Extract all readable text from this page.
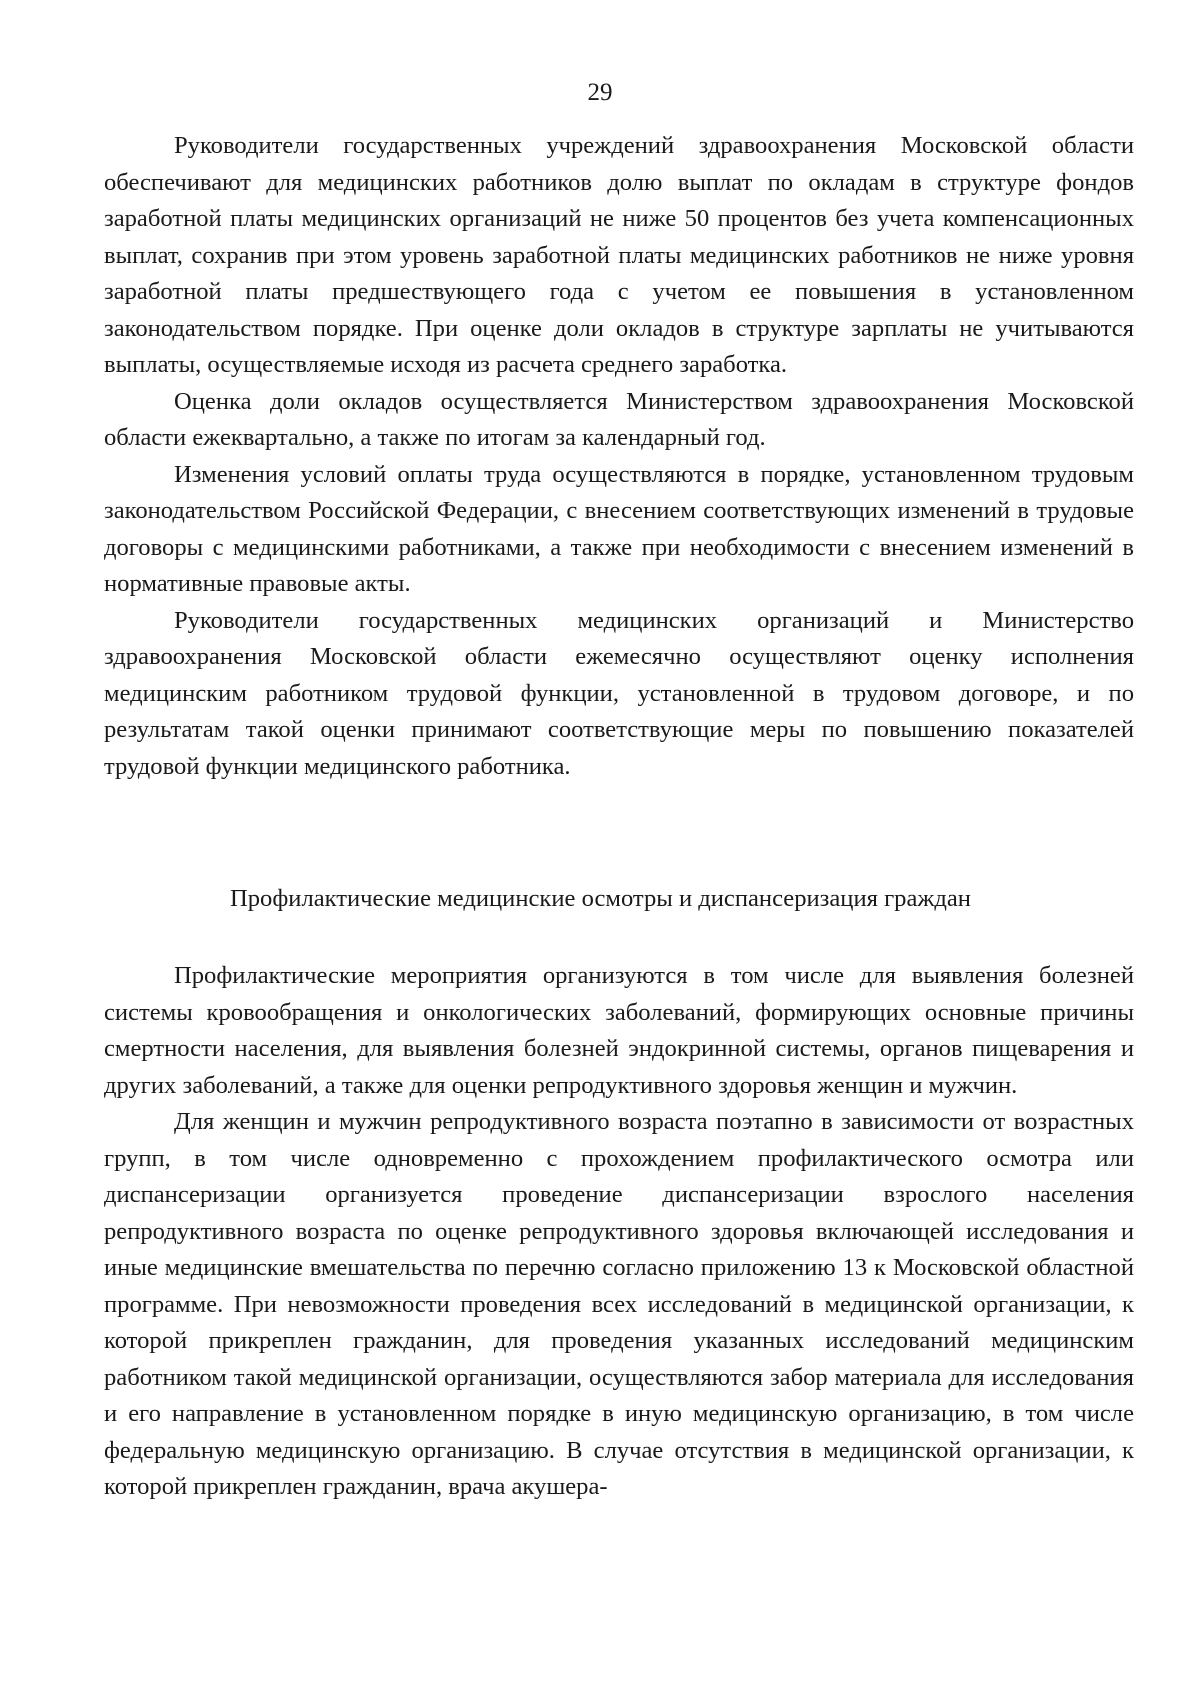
29

Руководители государственных учреждений здравоохранения Московской области обеспечивают для медицинских работников долю выплат по окладам в структуре фондов заработной платы медицинских организаций не ниже 50 процентов без учета компенсационных выплат, сохранив при этом уровень заработной платы медицинских работников не ниже уровня заработной платы предшествующего года с учетом ее повышения в установленном законодательством порядке. При оценке доли окладов в структуре зарплаты не учитываются выплаты, осуществляемые исходя из расчета среднего заработка.

Оценка доли окладов осуществляется Министерством здравоохранения Московской области ежеквартально, а также по итогам за календарный год.

Изменения условий оплаты труда осуществляются в порядке, установленном трудовым законодательством Российской Федерации, с внесением соответствующих изменений в трудовые договоры с медицинскими работниками, а также при необходимости с внесением изменений в нормативные правовые акты.

Руководители государственных медицинских организаций и Министерство здравоохранения Московской области ежемесячно осуществляют оценку исполнения медицинским работником трудовой функции, установленной в трудовом договоре, и по результатам такой оценки принимают соответствующие меры по повышению показателей трудовой функции медицинского работника.

Профилактические медицинские осмотры и диспансеризация граждан

Профилактические мероприятия организуются в том числе для выявления болезней системы кровообращения и онкологических заболеваний, формирующих основные причины смертности населения, для выявления болезней эндокринной системы, органов пищеварения и других заболеваний, а также для оценки репродуктивного здоровья женщин и мужчин.

Для женщин и мужчин репродуктивного возраста поэтапно в зависимости от возрастных групп, в том числе одновременно с прохождением профилактического осмотра или диспансеризации организуется проведение диспансеризации взрослого населения репродуктивного возраста по оценке репродуктивного здоровья включающей исследования и иные медицинские вмешательства по перечню согласно приложению 13 к Московской областной программе. При невозможности проведения всех исследований в медицинской организации, к которой прикреплен гражданин, для проведения указанных исследований медицинским работником такой медицинской организации, осуществляются забор материала для исследования и его направление в установленном порядке в иную медицинскую организацию, в том числе федеральную медицинскую организацию. В случае отсутствия в медицинской организации, к которой прикреплен гражданин, врача акушера-
